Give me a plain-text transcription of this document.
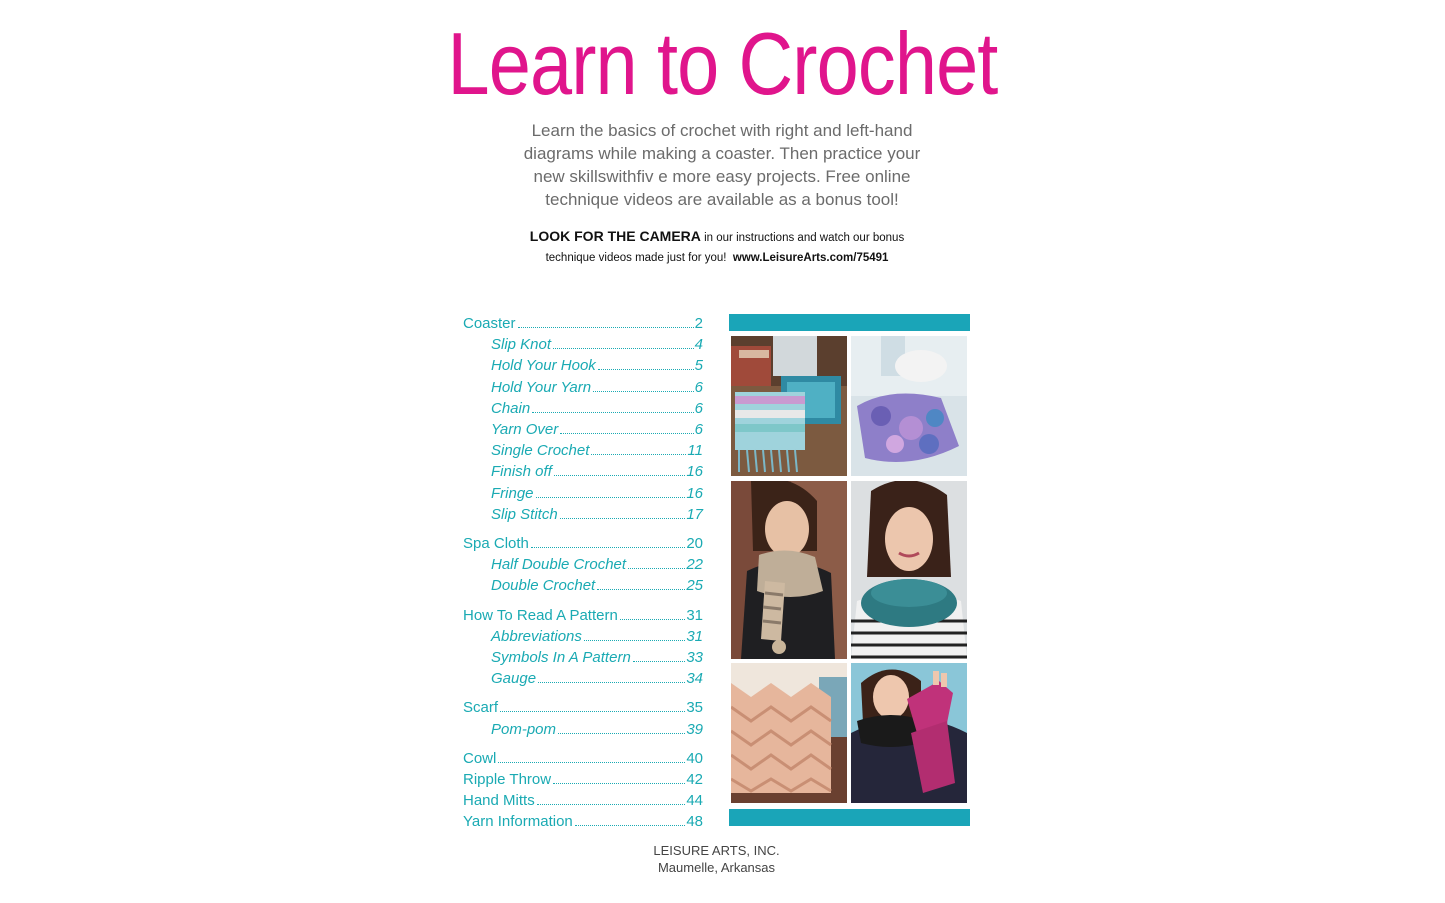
Learn to Crochet
Learn the basics of crochet with right and left-hand
diagrams while making a coaster. Then practice your
new skillswithfiv e more easy projects. Free online
technique videos are available as a bonus tool!
LOOK FOR THE CAMERA in our instructions and watch our bonus
technique videos made just for you! www.LeisureArts.com/75491
Coaster	2
Slip Knot	4
Hold Your Hook	5
Hold Your Yarn	6
Chain	6
Yarn Over	6
Single Crochet	11
Finish off	16
Fringe	16
Slip Stitch	17
Spa Cloth	20
Half Double Crochet	22
Double Crochet	25
How To Read A Pattern	31
Abbreviations	31
Symbols In A Pattern	33
Gauge	34
Scarf	35
Pom-pom	39
Cowl	40
Ripple Throw	42
Hand Mitts	44
Yarn Information	48
LEISURE ARTS, INC.
Maumelle, Arkansas
